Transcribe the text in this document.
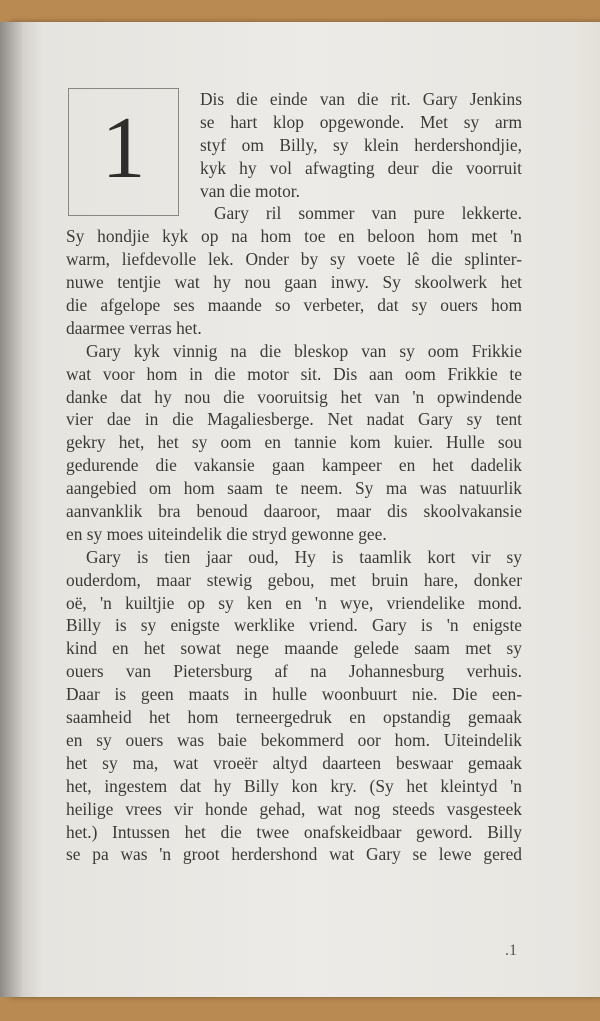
1
Dis die einde van die rit. Gary Jenkins
se hart klop opgewonde. Met sy arm
styf om Billy, sy klein herdershondjie,
kyk hy vol afwagting deur die voorruit
van die motor.
Gary ril sommer van pure lekkerte.
Sy hondjie kyk op na hom toe en beloon hom met 'n
warm, liefdevolle lek. Onder by sy voete lê die splinter-
nuwe tentjie wat hy nou gaan inwy. Sy skoolwerk het
die afgelope ses maande so verbeter, dat sy ouers hom
daarmee verras het.
Gary kyk vinnig na die bleskop van sy oom Frikkie
wat voor hom in die motor sit. Dis aan oom Frikkie te
danke dat hy nou die vooruitsig het van 'n opwindende
vier dae in die Magaliesberge. Net nadat Gary sy tent
gekry het, het sy oom en tannie kom kuier. Hulle sou
gedurende die vakansie gaan kampeer en het dadelik
aangebied om hom saam te neem. Sy ma was natuurlik
aanvanklik bra benoud daaroor, maar dis skoolvakansie
en sy moes uiteindelik die stryd gewonne gee.
Gary is tien jaar oud, Hy is taamlik kort vir sy
ouderdom, maar stewig gebou, met bruin hare, donker
oë, 'n kuiltjie op sy ken en 'n wye, vriendelike mond.
Billy is sy enigste werklike vriend. Gary is 'n enigste
kind en het sowat nege maande gelede saam met sy
ouers van Pietersburg af na Johannesburg verhuis.
Daar is geen maats in hulle woonbuurt nie. Die een-
saamheid het hom terneergedruk en opstandig gemaak
en sy ouers was baie bekommerd oor hom. Uiteindelik
het sy ma, wat vroeër altyd daarteen beswaar gemaak
het, ingestem dat hy Billy kon kry. (Sy het kleintyd 'n
heilige vrees vir honde gehad, wat nog steeds vasgesteek
het.) Intussen het die twee onafskeidbaar geword. Billy
se pa was 'n groot herdershond wat Gary se lewe gered
.1
